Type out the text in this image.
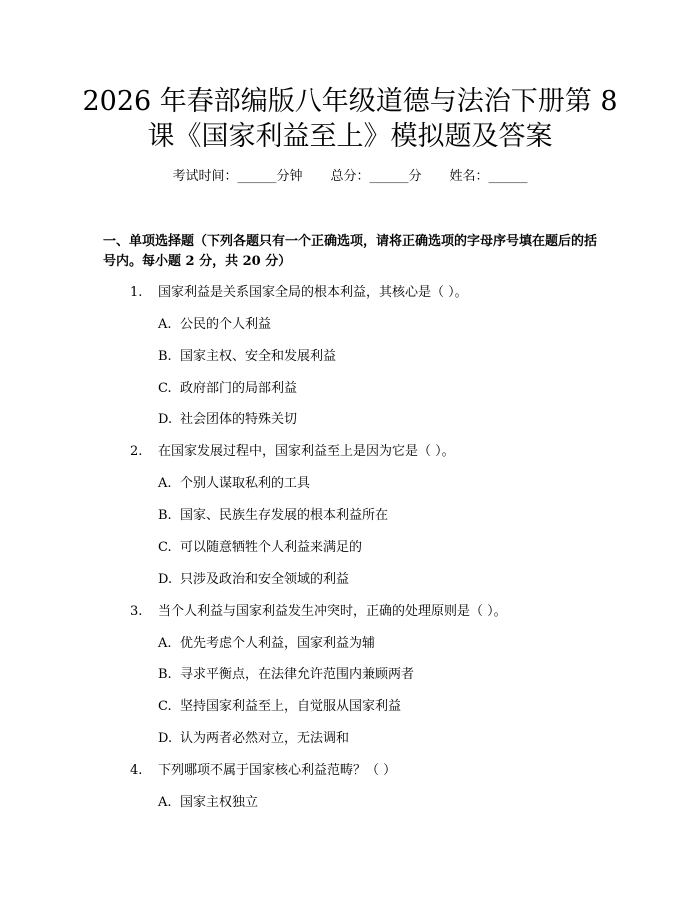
2026 年春部编版八年级道德与法治下册第 8
课《国家利益至上》模拟题及答案
考试时间：______分钟 总分：______分 姓名：______

一、单项选择题（下列各题只有一个正确选项，请将正确选项的字母序号填在题后的括号内。每小题 2 分，共 20 分）

1. 国家利益是关系国家全局的根本利益，其核心是（ ）。
A. 公民的个人利益
B. 国家主权、安全和发展利益
C. 政府部门的局部利益
D. 社会团体的特殊关切
2. 在国家发展过程中，国家利益至上是因为它是（ ）。
A. 个别人谋取私利的工具
B. 国家、民族生存发展的根本利益所在
C. 可以随意牺牲个人利益来满足的
D. 只涉及政治和安全领域的利益
3. 当个人利益与国家利益发生冲突时，正确的处理原则是（ ）。
A. 优先考虑个人利益，国家利益为辅
B. 寻求平衡点，在法律允许范围内兼顾两者
C. 坚持国家利益至上，自觉服从国家利益
D. 认为两者必然对立，无法调和
4. 下列哪项不属于国家核心利益范畴？（ ）
A. 国家主权独立
